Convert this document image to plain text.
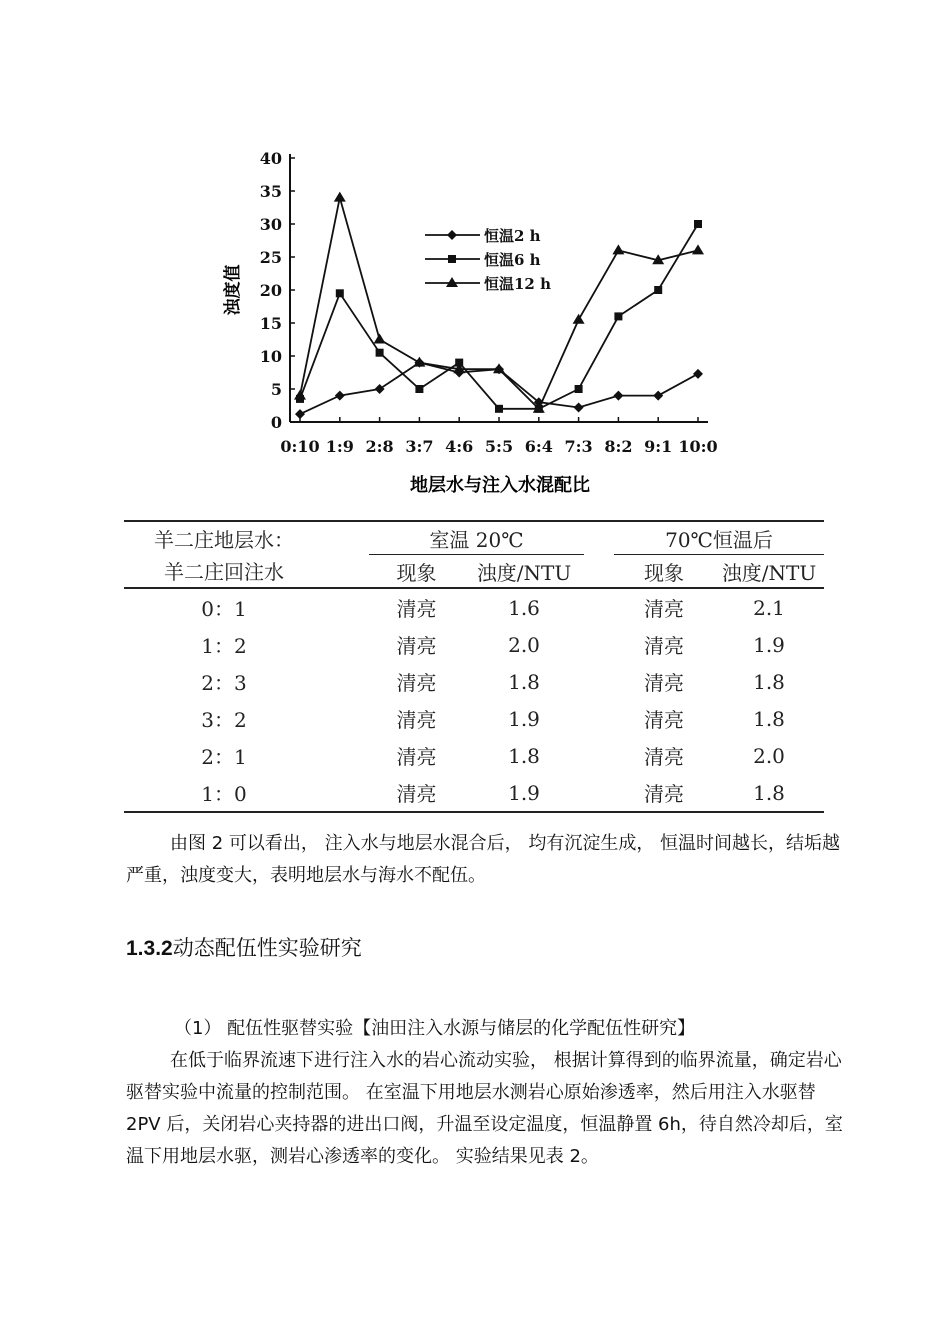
0:10 1:9 2:8 3:7 4:6 5:5 6:4 7:3 8:2 9:1 10:0
0
5
10
15
20
25
30
35
40
恒温2 h
恒温6 h
恒温12 h
地层水与注入水混配比
浊度值
羊二庄地层水：		室温 20℃			70℃恒温后	
羊二庄回注水		现象	浊度/NTU		现象	浊度/NTU
0：1		清亮	1.6		清亮	2.1
1：2		清亮	2.0		清亮	1.9
2：3		清亮	1.8		清亮	1.8
3：2		清亮	1.9		清亮	1.8
2：1		清亮	1.8		清亮	2.0
1：0		清亮	1.9		清亮	1.8

由图 2 可以看出， 注入水与地层水混合后， 均有沉淀生成， 恒温时间越长，结垢越严重，浊度变大，表明地层水与海水不配伍。

1.3.2动态配伍性实验研究

（1） 配伍性驱替实验【油田注入水源与储层的化学配伍性研究】

在低于临界流速下进行注入水的岩心流动实验， 根据计算得到的临界流量，确定岩心驱替实验中流量的控制范围。 在室温下用地层水测岩心原始渗透率，然后用注入水驱替 2PV 后，关闭岩心夹持器的进出口阀，升温至设定温度，恒温静置 6h，待自然冷却后，室温下用地层水驱，测岩心渗透率的变化。 实验结果见表 2。
